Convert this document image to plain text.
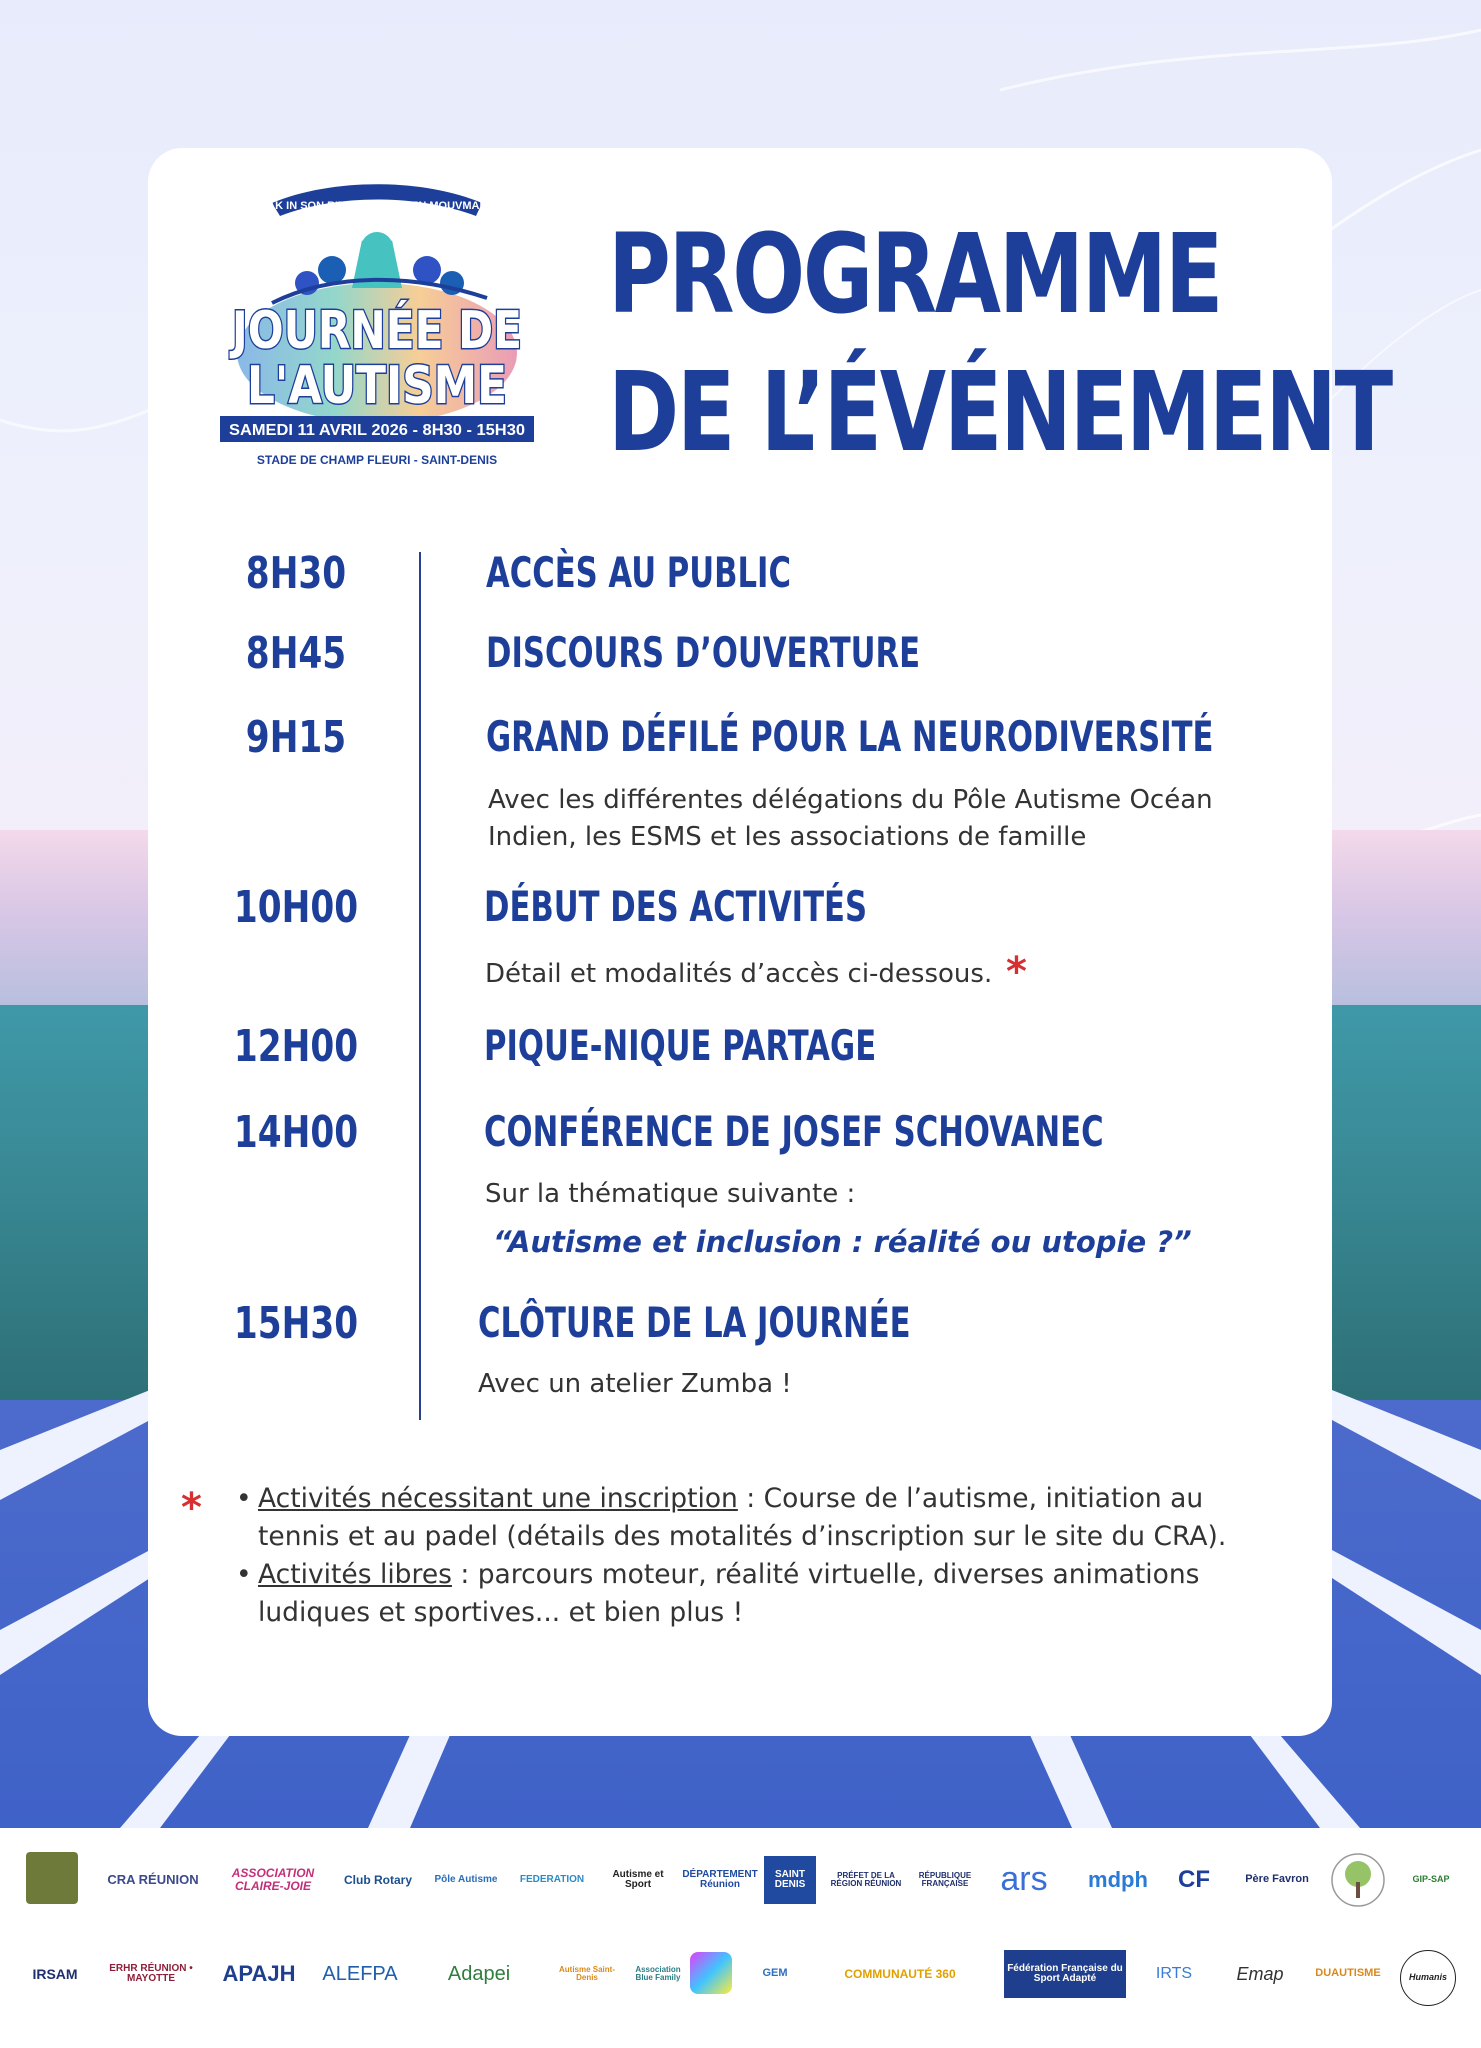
SAK IN SON RITM, ANSANM EN MOUVMAN !
JOURNÉE DE
L'AUTISME
SAMEDI 11 AVRIL 2026 - 8H30 - 15H30
STADE DE CHAMP FLEURI - SAINT-DENIS
PROGRAMME
DE L’ÉVÉNEMENT
8H30	ACCÈS AU PUBLIC
8H45	DISCOURS D’OUVERTURE
9H15	GRAND DÉFILÉ POUR LA NEURODIVERSITÉ

Avec les différentes délégations du Pôle Autisme Océan

Indien, les ESMS et les associations de famille

10H00	DÉBUT DES ACTIVITÉS

Détail et modalités d’accès ci-dessous. *
12H00	PIQUE-NIQUE PARTAGE
14H00	CONFÉRENCE DE JOSEF SCHOVANEC

Sur la thématique suivante :

“Autisme et inclusion : réalité ou utopie ?”

15H30	CLÔTURE DE LA JOURNÉE

Avec un atelier Zumba !

*
•	Activités nécessitant une inscription : Course de l’autisme, initiation au tennis et au padel (détails des motalités d’inscription sur le site du CRA).
• Activités libres : parcours moteur, réalité virtuelle, diverses animations ludiques et sportives... et bien plus !
CRA RÉUNION	ASSOCIATION CLAIRE-JOIE	Club Rotary	Pôle Autisme	FEDERATION	Autisme et Sport
DÉPARTEMENT Réunion
SAINT DENIS
PRÉFET DE LA RÉGION RÉUNION
RÉPUBLIQUE FRANÇAISE ars	mdph	CF	Père Favron	GIP-SAP
IRSAM	ERHR RÉUNION • MAYOTTE	APAJH	ALEFPA	Adapei	Autisme Saint-Denis
Association Blue Family	GEM	COMMUNAUTÉ 360	Fédération Française du Sport Adapté	IRTS	Emap	DUAUTISME	Humanis
